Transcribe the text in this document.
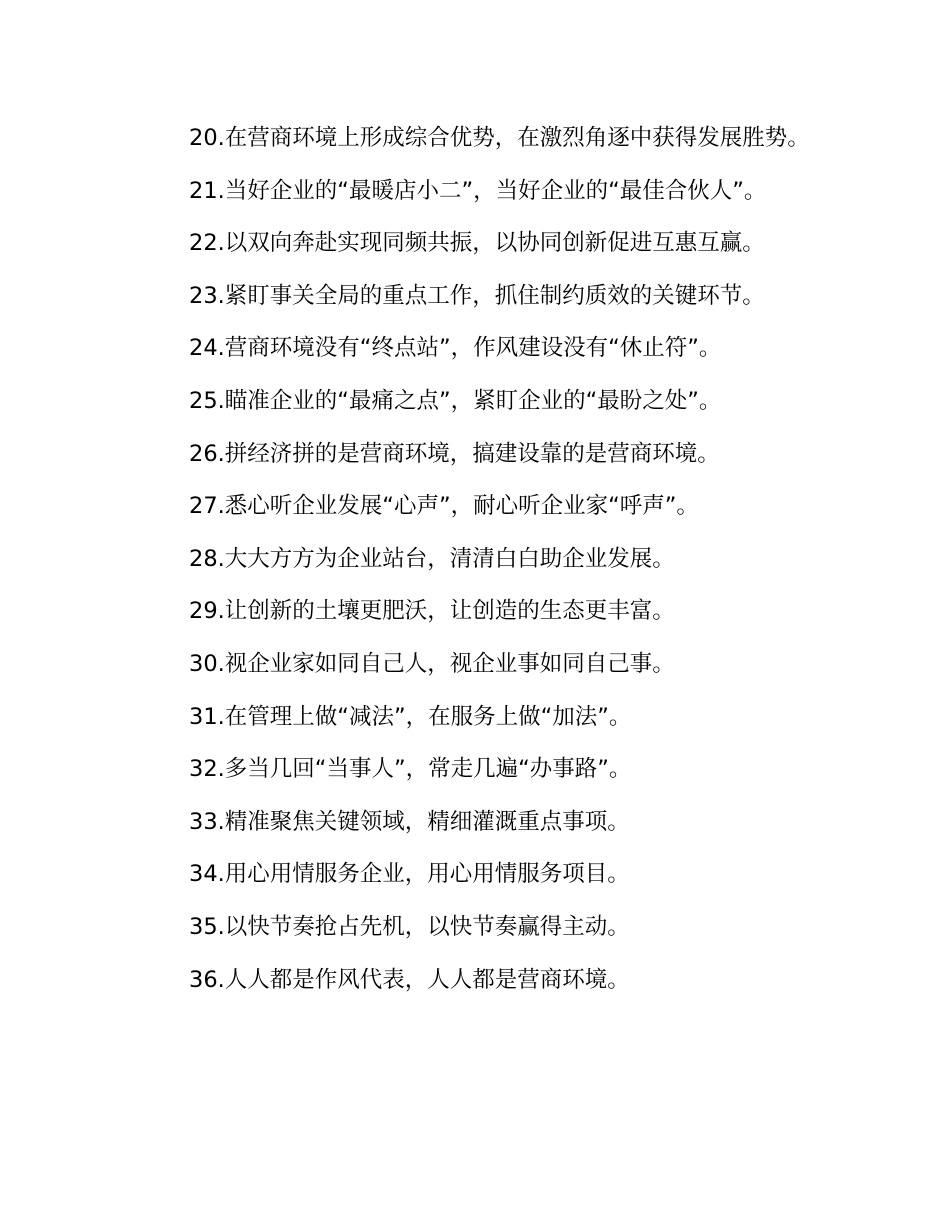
20.在营商环境上形成综合优势，在激烈角逐中获得发展胜势。

21.当好企业的“最暖店小二”，当好企业的“最佳合伙人”。

22.以双向奔赴实现同频共振，以协同创新促进互惠互赢。

23.紧盯事关全局的重点工作，抓住制约质效的关键环节。

24.营商环境没有“终点站”，作风建设没有“休止符”。

25.瞄准企业的“最痛之点”，紧盯企业的“最盼之处”。

26.拼经济拼的是营商环境，搞建设靠的是营商环境。

27.悉心听企业发展“心声”，耐心听企业家“呼声”。

28.大大方方为企业站台，清清白白助企业发展。

29.让创新的土壤更肥沃，让创造的生态更丰富。

30.视企业家如同自己人，视企业事如同自己事。

31.在管理上做“减法”，在服务上做“加法”。

32.多当几回“当事人”，常走几遍“办事路”。

33.精准聚焦关键领域，精细灌溉重点事项。

34.用心用情服务企业，用心用情服务项目。

35.以快节奏抢占先机，以快节奏赢得主动。

36.人人都是作风代表，人人都是营商环境。
